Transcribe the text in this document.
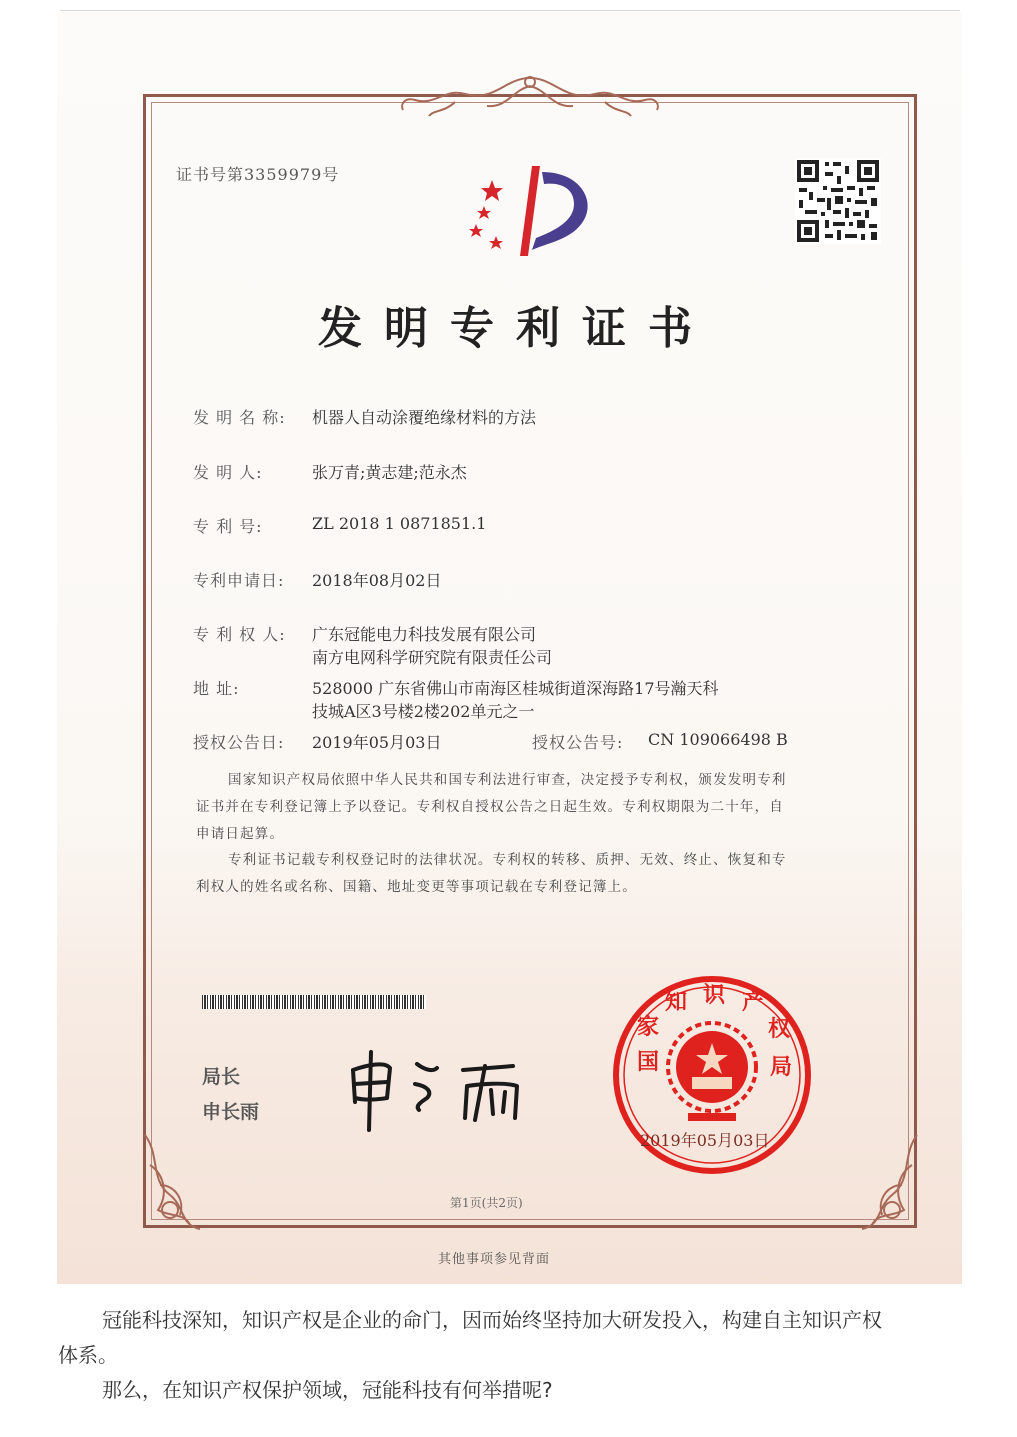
证书号第3359979号
发明专利证书
发 明 名 称: 机器人自动涂覆绝缘材料的方法
发 明 人:	张万青;黄志建;范永杰
专 利 号:	ZL 2018 1 0871851.1
专利申请日: 2018年08月02日
专 利 权 人: 广东冠能电力科技发展有限公司
南方电网科学研究院有限责任公司
地 址:	528000 广东省佛山市南海区桂城街道深海路17号瀚天科
技城A区3号楼2楼202单元之一
授权公告日: 2019年05月03日	授权公告号: CN 109066498 B
国家知识产权局依照中华人民共和国专利法进行审查，决定授予专利权，颁发发明专利
证书并在专利登记簿上予以登记。专利权自授权公告之日起生效。专利权期限为二十年，自
申请日起算。
专利证书记载专利权登记时的法律状况。专利权的转移、质押、无效、终止、恢复和专
利权人的姓名或名称、国籍、地址变更等事项记载在专利登记簿上。
局长
申长雨
国
家
知 识 产
权
局
2019年05月03日
第1页(共2页)
其他事项参见背面
冠能科技深知，知识产权是企业的命门，因而始终坚持加大研发投入，构建自主知识产权
体系。
那么，在知识产权保护领域，冠能科技有何举措呢?
